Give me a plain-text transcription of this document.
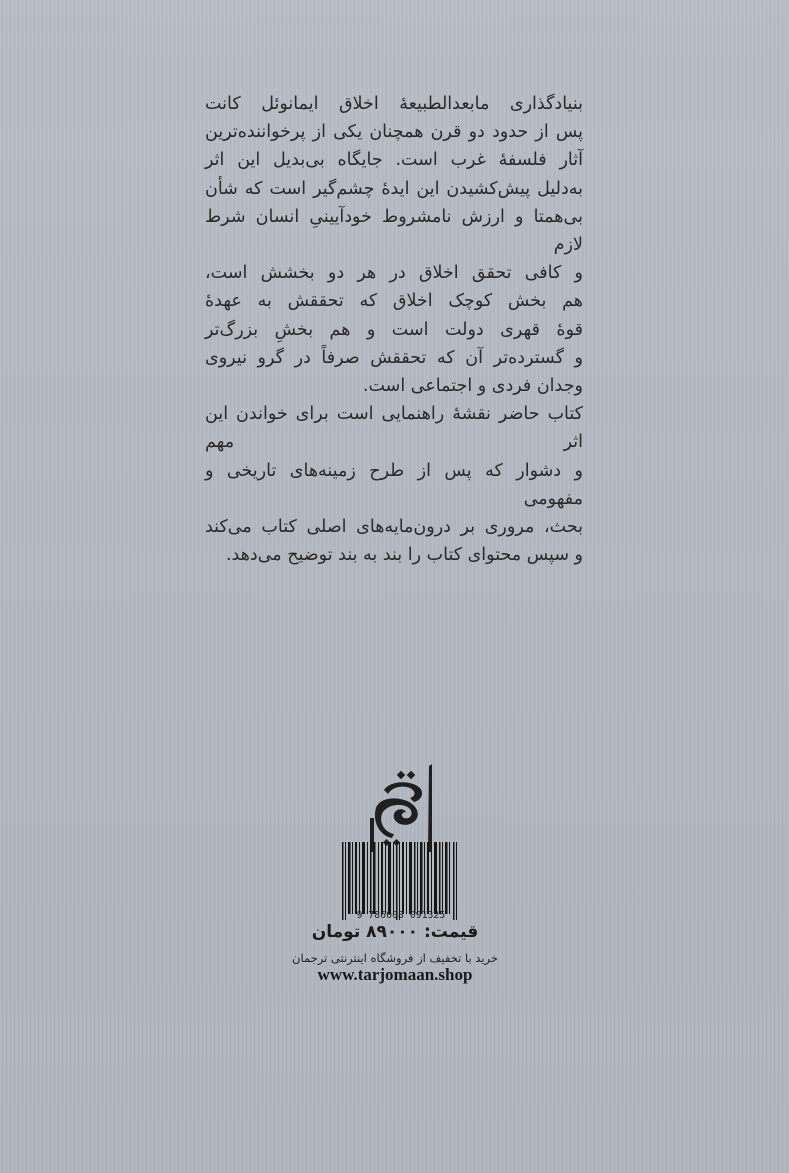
بنیادگذاری مابعدالطبیعهٔ اخلاق ایمانوئل کانت

پس از حدود دو قرن همچنان یکی از پرخواننده‌ترین

آثار فلسفهٔ غرب است. جایگاه بی‌بدیل این اثر

به‌دلیل پیش‌کشیدن این ایدهٔ چشم‌گیر است که شأن

بی‌همتا و ارزش نامشروط خودآیینیِ انسان شرط لازم

و کافی تحقق اخلاق در هر دو بخشش است،

هم بخش کوچک اخلاق که تحققش به عهدهٔ

قوهٔ قهری دولت است و هم بخشِ بزرگ‌تر

و گسترده‌تر آن که تحققش صرفاً در گرو نیروی

وجدان فردی و اجتماعی است.

کتاب حاضر نقشهٔ راهنمایی است برای خواندن این اثر مهم

و دشوار که پس از طرح زمینه‌های تاریخی و مفهومی

بحث، مروری بر درون‌مایه‌های اصلی کتاب می‌کند

و سپس محتوای کتاب را بند به بند توضیح می‌دهد.

9 786008 091325
قیمت: ۸۹۰۰۰ تومان
خرید با تخفیف از فروشگاه اینترنتی ترجمان
www.tarjomaan.shop
